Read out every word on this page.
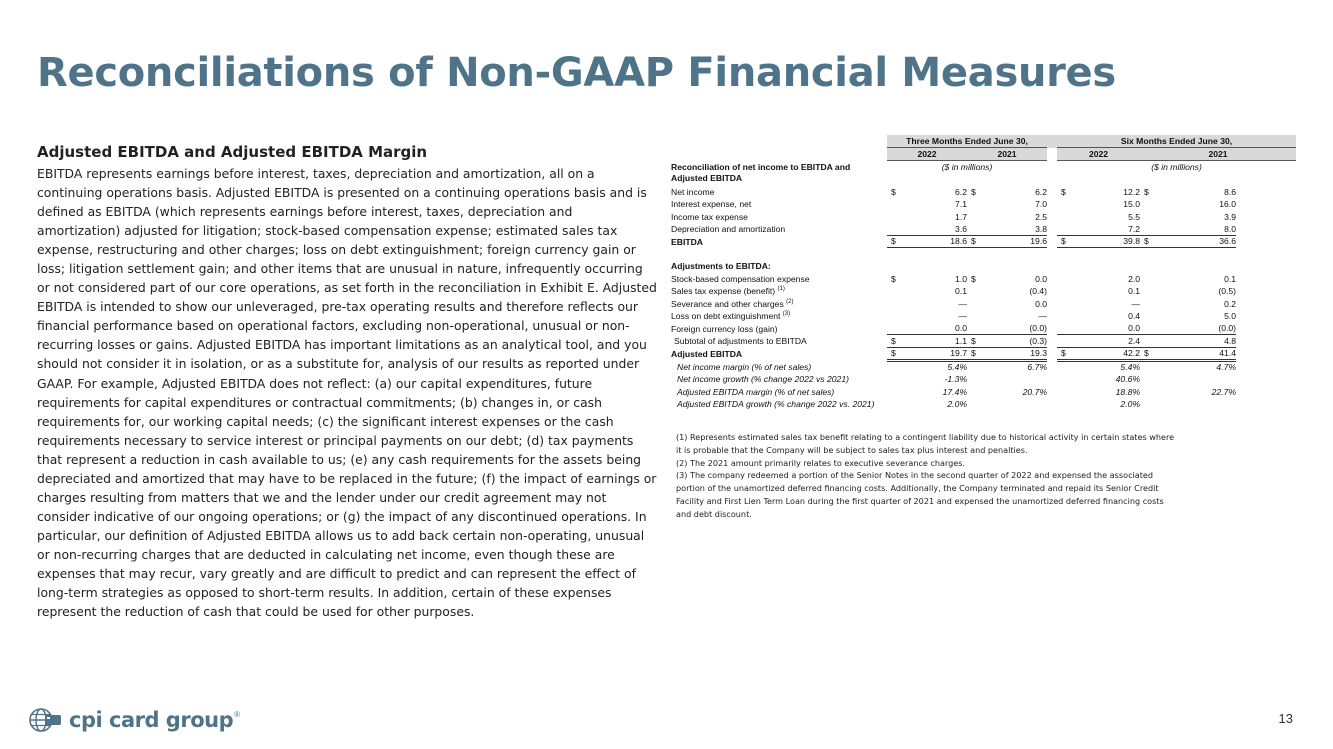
Reconciliations of Non-GAAP Financial Measures
Adjusted EBITDA and Adjusted EBITDA Margin
EBITDA represents earnings before interest, taxes, depreciation and amortization, all on a continuing operations basis. Adjusted EBITDA is presented on a continuing operations basis and is defined as EBITDA (which represents earnings before interest, taxes, depreciation and amortization) adjusted for litigation; stock-based compensation expense; estimated sales tax expense, restructuring and other charges; loss on debt extinguishment; foreign currency gain or loss; litigation settlement gain; and other items that are unusual in nature, infrequently occurring or not considered part of our core operations, as set forth in the reconciliation in Exhibit E. Adjusted EBITDA is intended to show our unleveraged, pre-tax operating results and therefore reflects our financial performance based on operational factors, excluding non-operational, unusual or non-recurring losses or gains. Adjusted EBITDA has important limitations as an analytical tool, and you should not consider it in isolation, or as a substitute for, analysis of our results as reported under GAAP. For example, Adjusted EBITDA does not reflect: (a) our capital expenditures, future requirements for capital expenditures or contractual commitments; (b) changes in, or cash requirements for, our working capital needs; (c) the significant interest expenses or the cash requirements necessary to service interest or principal payments on our debt; (d) tax payments that represent a reduction in cash available to us; (e) any cash requirements for the assets being depreciated and amortized that may have to be replaced in the future; (f) the impact of earnings or charges resulting from matters that we and the lender under our credit agreement may not consider indicative of our ongoing operations; or (g) the impact of any discontinued operations. In particular, our definition of Adjusted EBITDA allows us to add back certain non-operating, unusual or non-recurring charges that are deducted in calculating net income, even though these are expenses that may recur, vary greatly and are difficult to predict and can represent the effect of long-term strategies as opposed to short-term results. In addition, certain of these expenses represent the reduction of cash that could be used for other purposes.
		Three Months Ended June 30,					Six Months Ended June 30,				
		2022		2021			2022		2021		
Reconciliation of net income to EBITDA and Adjusted EBITDA		($ in millions)					($ in millions)				

Net income		$	6.2	$	6.2		$	12.2	$	8.6	
Interest expense, net			7.1		7.0			15.0		16.0	
Income tax expense			1.7		2.5			5.5		3.9	
Depreciation and amortization			3.6		3.8			7.2		8.0	
EBITDA		$	18.6	$	19.6		$	39.8	$	36.6	

Adjustments to EBITDA:											
Stock-based compensation expense		$	1.0	$	0.0			2.0		0.1	
Sales tax expense (benefit) $^{(1)}$			0.1		(0.4)			0.1		(0.5)	
Severance and other charges $^{(2)}$			—		0.0			—		0.2	
Loss on debt extinguishment $^{(3)}$			—		—			0.4		5.0	
Foreign currency loss (gain)			0.0		(0.0)			0.0		(0.0)	
Subtotal of adjustments to EBITDA		$	1.1	$	(0.3)			2.4		4.8	
Adjusted EBITDA		$	19.7	$	19.3		$	42.2	$	41.4	
Net income margin (% of net sales)			5.4%		6.7%			5.4%		4.7%	
Net income growth (% change 2022 vs 2021)			-1.3%					40.6%			
Adjusted EBITDA margin (% of net sales)			17.4%		20.7%			18.8%		22.7%	
Adjusted EBITDA growth (% change 2022 vs. 2021)			2.0%					2.0%			
(1) Represents estimated sales tax benefit relating to a contingent liability due to historical activity in certain states where it is probable that the Company will be subject to sales tax plus interest and penalties.
(2) The 2021 amount primarily relates to executive severance charges.
(3) The company redeemed a portion of the Senior Notes in the second quarter of 2022 and expensed the associated portion of the unamortized deferred financing costs. Additionally, the Company terminated and repaid its Senior Credit Facility and First Lien Term Loan during the first quarter of 2021 and expensed the unamortized deferred financing costs and debt discount.
cpi card group ®	13
